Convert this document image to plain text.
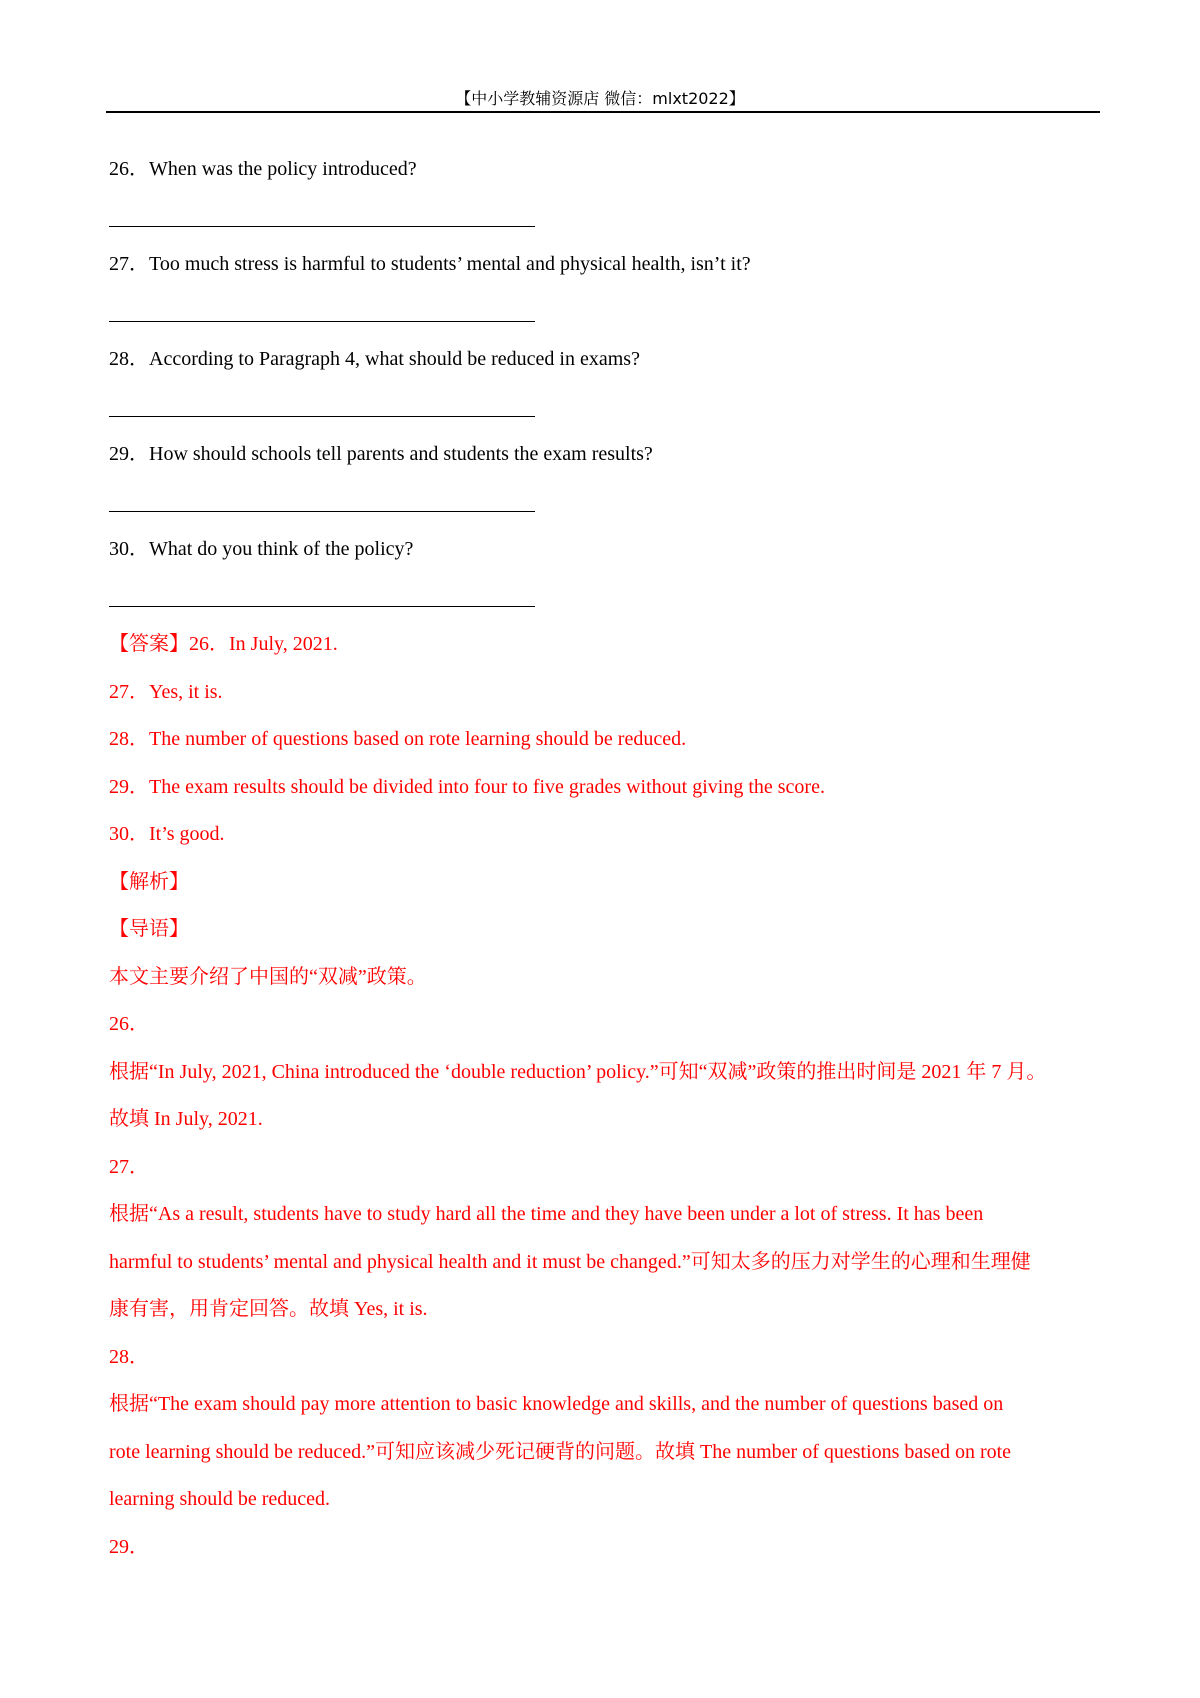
【中小学教辅资源店 微信：mlxt2022】
26．When was the policy introduced?
27．Too much stress is harmful to students’ mental and physical health, isn’t it?
28．According to Paragraph 4, what should be reduced in exams?
29．How should schools tell parents and students the exam results?
30．What do you think of the policy?
【答案】26．In July, 2021.
27．Yes, it is.
28．The number of questions based on rote learning should be reduced.
29．The exam results should be divided into four to five grades without giving the score.
30．It’s good.
【解析】
【导语】
本文主要介绍了中国的“双减”政策。
26．
根据“In July, 2021, China introduced the ‘double reduction’ policy.”可知“双减”政策的推出时间是 2021 年 7 月。
故填 In July, 2021.
27．
根据“As a result, students have to study hard all the time and they have been under a lot of stress. It has been
harmful to students’ mental and physical health and it must be changed.”可知太多的压力对学生的心理和生理健
康有害，用肯定回答。故填 Yes, it is.
28．
根据“The exam should pay more attention to basic knowledge and skills, and the number of questions based on
rote learning should be reduced.”可知应该减少死记硬背的问题。故填 The number of questions based on rote
learning should be reduced.
29．
